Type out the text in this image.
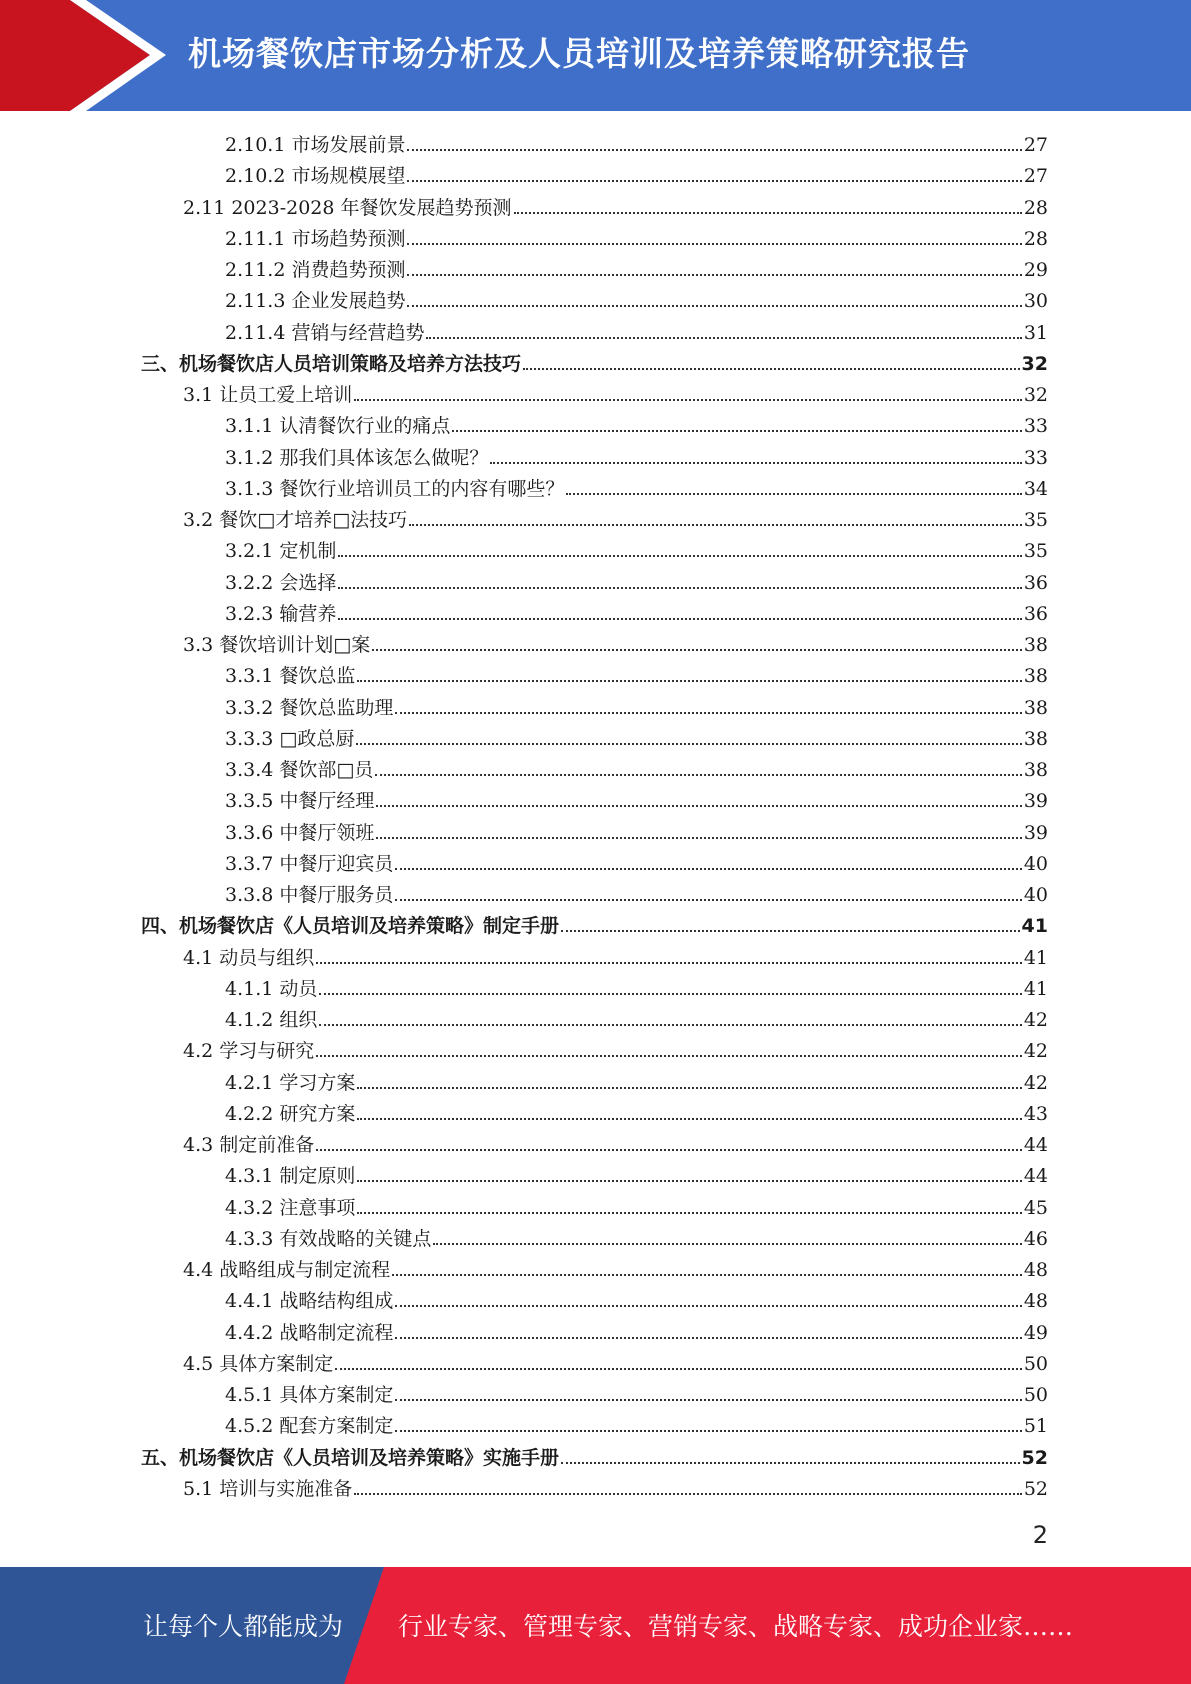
机场餐饮店市场分析及人员培训及培养策略研究报告
2.10.1 市场发展前景	27
2.10.2 市场规模展望	27
2.11 2023-2028 年餐饮发展趋势预测	28
2.11.1 市场趋势预测	28
2.11.2 消费趋势预测	29
2.11.3 企业发展趋势	30
2.11.4 营销与经营趋势	31
三、机场餐饮店人员培训策略及培养方法技巧	32
3.1 让员工爱上培训	32
3.1.1 认清餐饮行业的痛点	33
3.1.2 那我们具体该怎么做呢？	33
3.1.3 餐饮行业培训员工的内容有哪些？	34
3.2 餐饮□才培养□法技巧	35
3.2.1 定机制	35
3.2.2 会选择	36
3.2.3 输营养	36
3.3 餐饮培训计划□案	38
3.3.1 餐饮总监	38
3.3.2 餐饮总监助理	38
3.3.3 □政总厨	38
3.3.4 餐饮部□员	38
3.3.5 中餐厅经理	39
3.3.6 中餐厅领班	39
3.3.7 中餐厅迎宾员	40
3.3.8 中餐厅服务员	40
四、机场餐饮店《人员培训及培养策略》制定手册	41
4.1 动员与组织	41
4.1.1 动员	41
4.1.2 组织	42
4.2 学习与研究	42
4.2.1 学习方案	42
4.2.2 研究方案	43
4.3 制定前准备	44
4.3.1 制定原则	44
4.3.2 注意事项	45
4.3.3 有效战略的关键点	46
4.4 战略组成与制定流程	48
4.4.1 战略结构组成	48
4.4.2 战略制定流程	49
4.5 具体方案制定	50
4.5.1 具体方案制定	50
4.5.2 配套方案制定	51
五、机场餐饮店《人员培训及培养策略》实施手册	52
5.1 培训与实施准备	52
2
让每个人都能成为 行业专家、管理专家、营销专家、战略专家、成功企业家……
